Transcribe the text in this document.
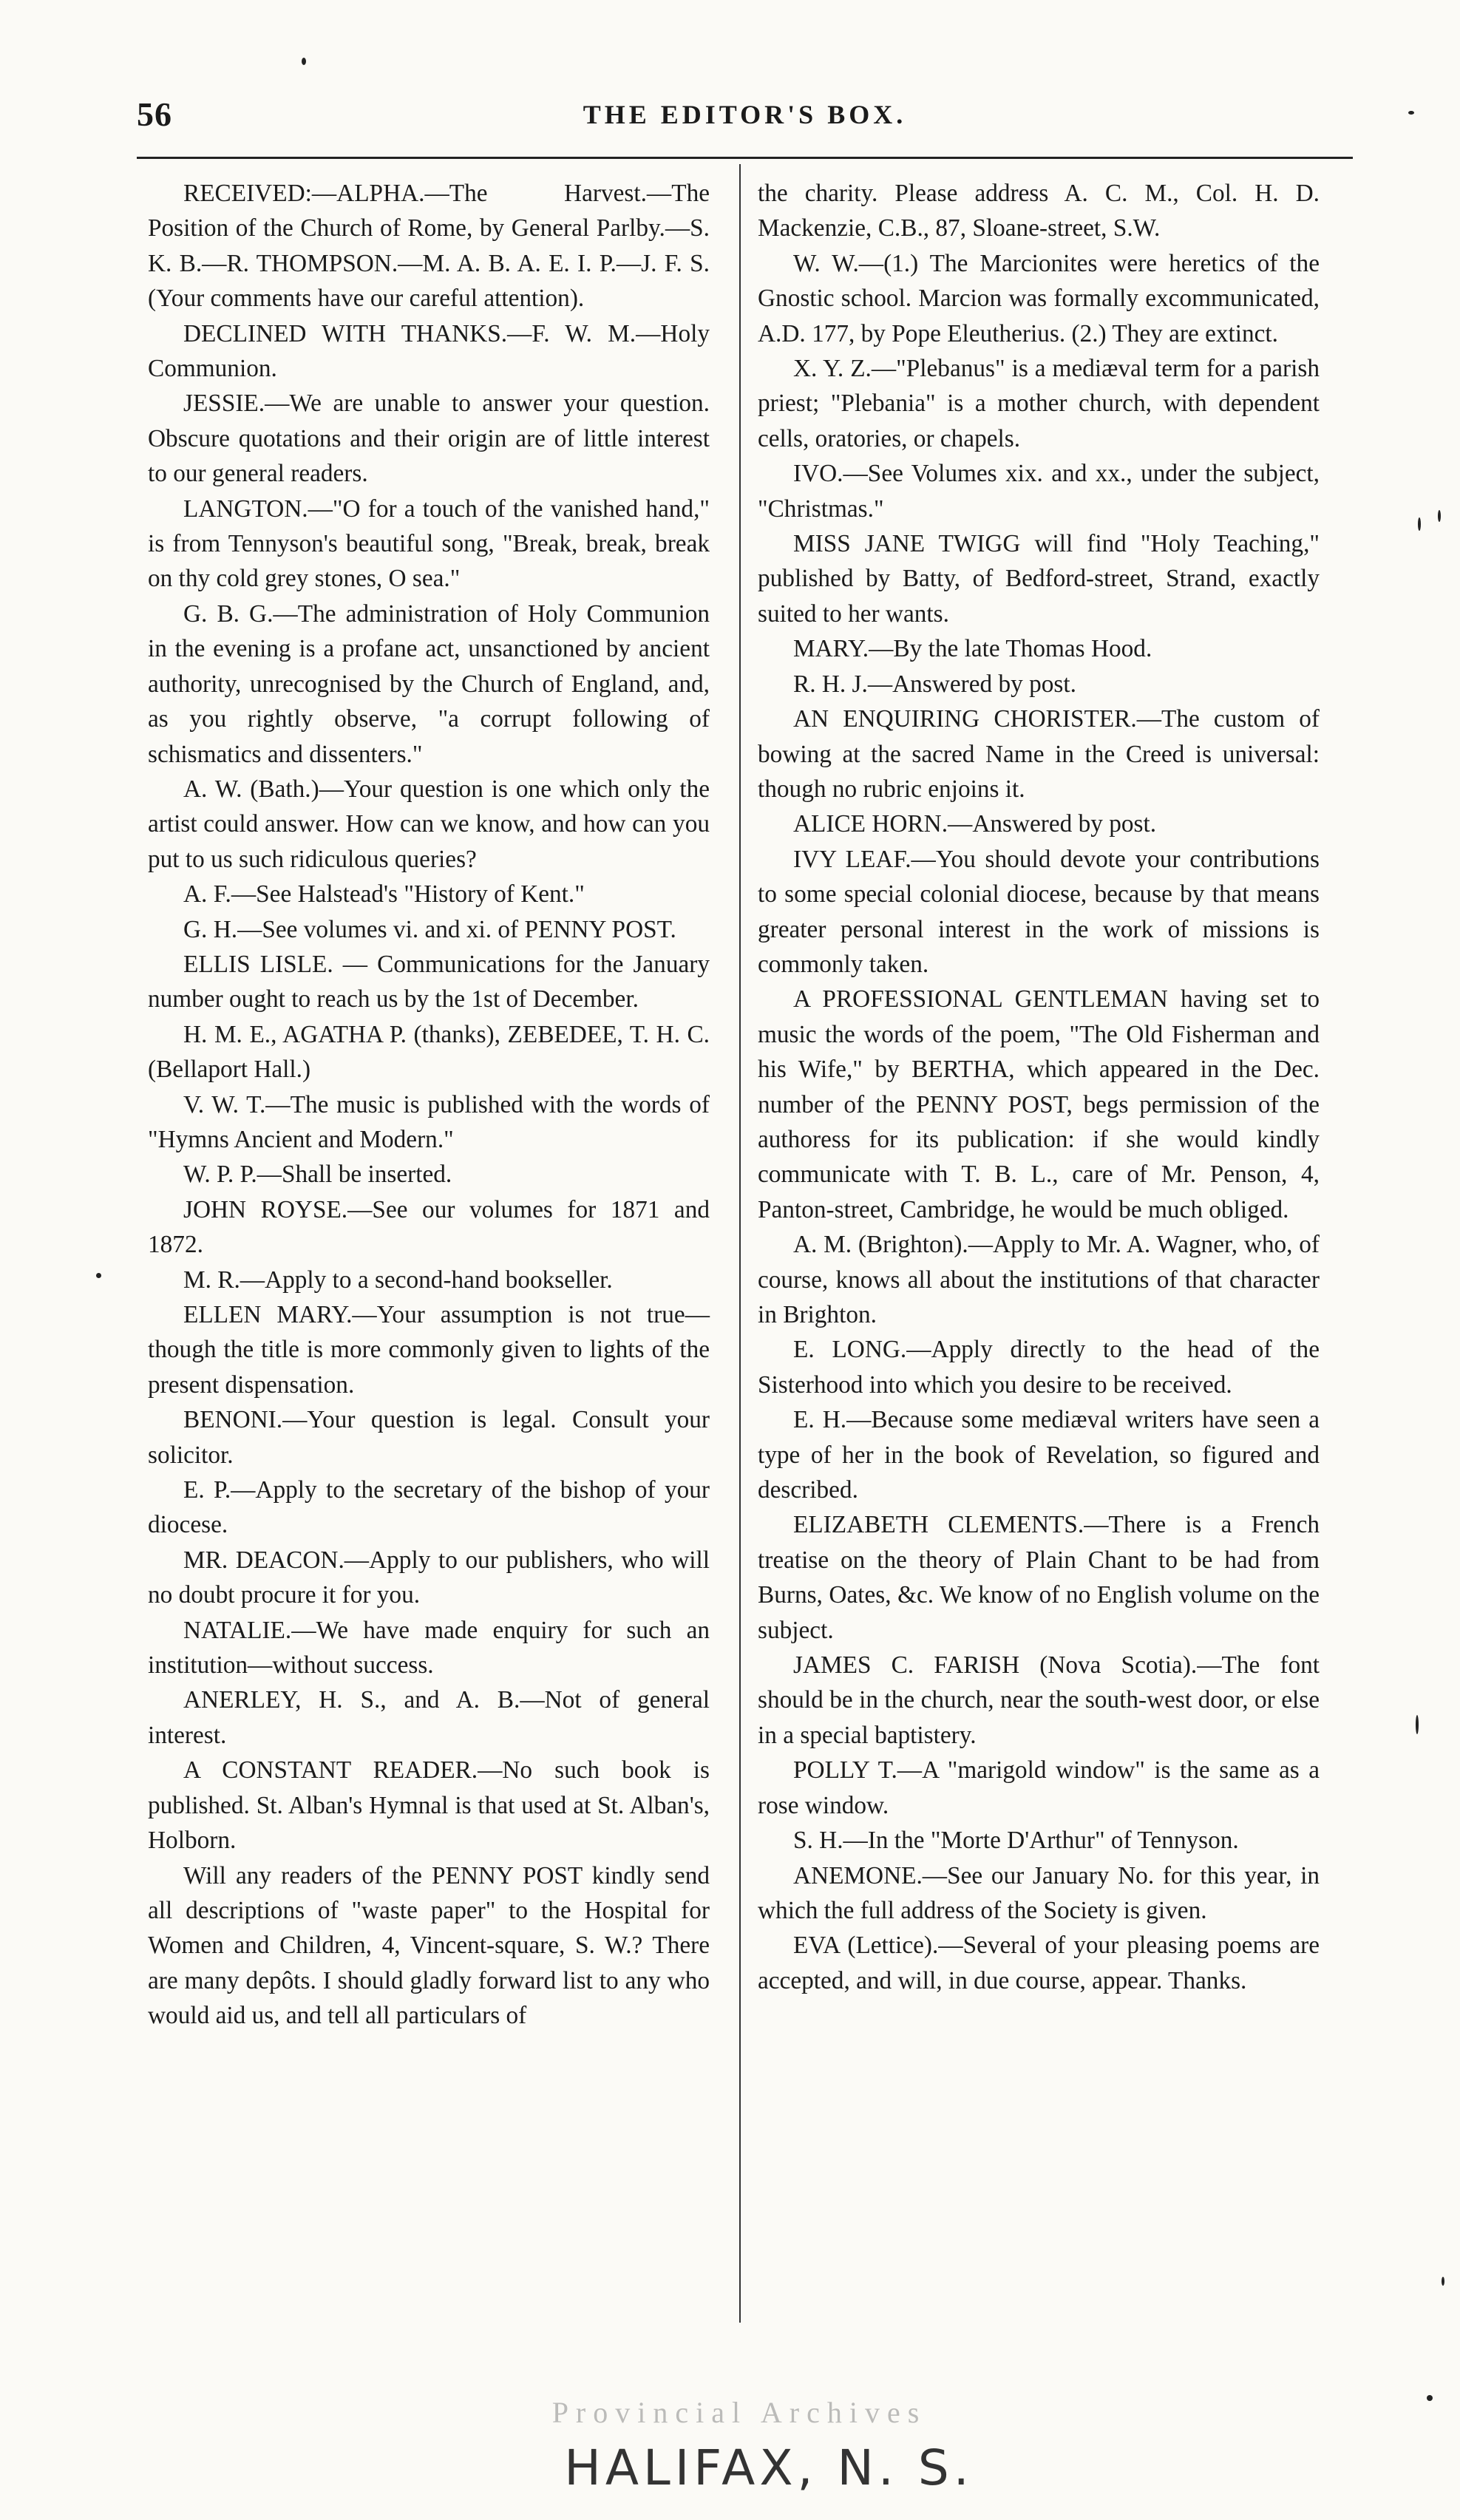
56	THE EDITOR'S BOX.

RECEIVED:—ALPHA.—The Harvest.—The Position of the Church of Rome, by General Parlby.—S. K. B.—R. THOMPSON.—M. A. B. A. E. I. P.—J. F. S. (Your comments have our careful attention).

DECLINED WITH THANKS.—F. W. M.—Holy Communion.

JESSIE.—We are unable to answer your question. Obscure quotations and their origin are of little interest to our general readers.

LANGTON.—"O for a touch of the vanished hand," is from Tennyson's beautiful song, "Break, break, break on thy cold grey stones, O sea."

G. B. G.—The administration of Holy Communion in the evening is a profane act, unsanctioned by ancient authority, unrecognised by the Church of England, and, as you rightly observe, "a corrupt following of schismatics and dissenters."

A. W. (Bath.)—Your question is one which only the artist could answer. How can we know, and how can you put to us such ridiculous queries?

A. F.—See Halstead's "History of Kent."

G. H.—See volumes vi. and xi. of PENNY POST.

ELLIS LISLE. — Communications for the January number ought to reach us by the 1st of December.

H. M. E., AGATHA P. (thanks), ZEBEDEE, T. H. C. (Bellaport Hall.)

V. W. T.—The music is published with the words of "Hymns Ancient and Modern."

W. P. P.—Shall be inserted.

JOHN ROYSE.—See our volumes for 1871 and 1872.

M. R.—Apply to a second-hand bookseller.

ELLEN MARY.—Your assumption is not true—though the title is more commonly given to lights of the present dispensation.

BENONI.—Your question is legal. Consult your solicitor.

E. P.—Apply to the secretary of the bishop of your diocese.

MR. DEACON.—Apply to our publishers, who will no doubt procure it for you.

NATALIE.—We have made enquiry for such an institution—without success.

ANERLEY, H. S., and A. B.—Not of general interest.

A CONSTANT READER.—No such book is published. St. Alban's Hymnal is that used at St. Alban's, Holborn.

Will any readers of the PENNY POST kindly send all descriptions of "waste paper" to the Hospital for Women and Children, 4, Vincent-square, S. W.? There are many depôts. I should gladly forward list to any who would aid us, and tell all particulars of

the charity. Please address A. C. M., Col. H. D. Mackenzie, C.B., 87, Sloane-street, S.W.

W. W.—(1.) The Marcionites were heretics of the Gnostic school. Marcion was formally excommunicated, A.D. 177, by Pope Eleutherius. (2.) They are extinct.

X. Y. Z.—"Plebanus" is a mediæval term for a parish priest; "Plebania" is a mother church, with dependent cells, oratories, or chapels.

IVO.—See Volumes xix. and xx., under the subject, "Christmas."

MISS JANE TWIGG will find "Holy Teaching," published by Batty, of Bedford-street, Strand, exactly suited to her wants.

MARY.—By the late Thomas Hood.

R. H. J.—Answered by post.

AN ENQUIRING CHORISTER.—The custom of bowing at the sacred Name in the Creed is universal: though no rubric enjoins it.

ALICE HORN.—Answered by post.

IVY LEAF.—You should devote your contributions to some special colonial diocese, because by that means greater personal interest in the work of missions is commonly taken.

A PROFESSIONAL GENTLEMAN having set to music the words of the poem, "The Old Fisherman and his Wife," by BERTHA, which appeared in the Dec. number of the PENNY POST, begs permission of the authoress for its publication: if she would kindly communicate with T. B. L., care of Mr. Penson, 4, Panton-street, Cambridge, he would be much obliged.

A. M. (Brighton).—Apply to Mr. A. Wagner, who, of course, knows all about the institutions of that character in Brighton.

E. LONG.—Apply directly to the head of the Sisterhood into which you desire to be received.

E. H.—Because some mediæval writers have seen a type of her in the book of Revelation, so figured and described.

ELIZABETH CLEMENTS.—There is a French treatise on the theory of Plain Chant to be had from Burns, Oates, &c. We know of no English volume on the subject.

JAMES C. FARISH (Nova Scotia).—The font should be in the church, near the south-west door, or else in a special baptistery.

POLLY T.—A "marigold window" is the same as a rose window.

S. H.—In the "Morte D'Arthur" of Tennyson.

ANEMONE.—See our January No. for this year, in which the full address of the Society is given.

EVA (Lettice).—Several of your pleasing poems are accepted, and will, in due course, appear. Thanks.

Provincial Archives
HALIFAX, N. S.
